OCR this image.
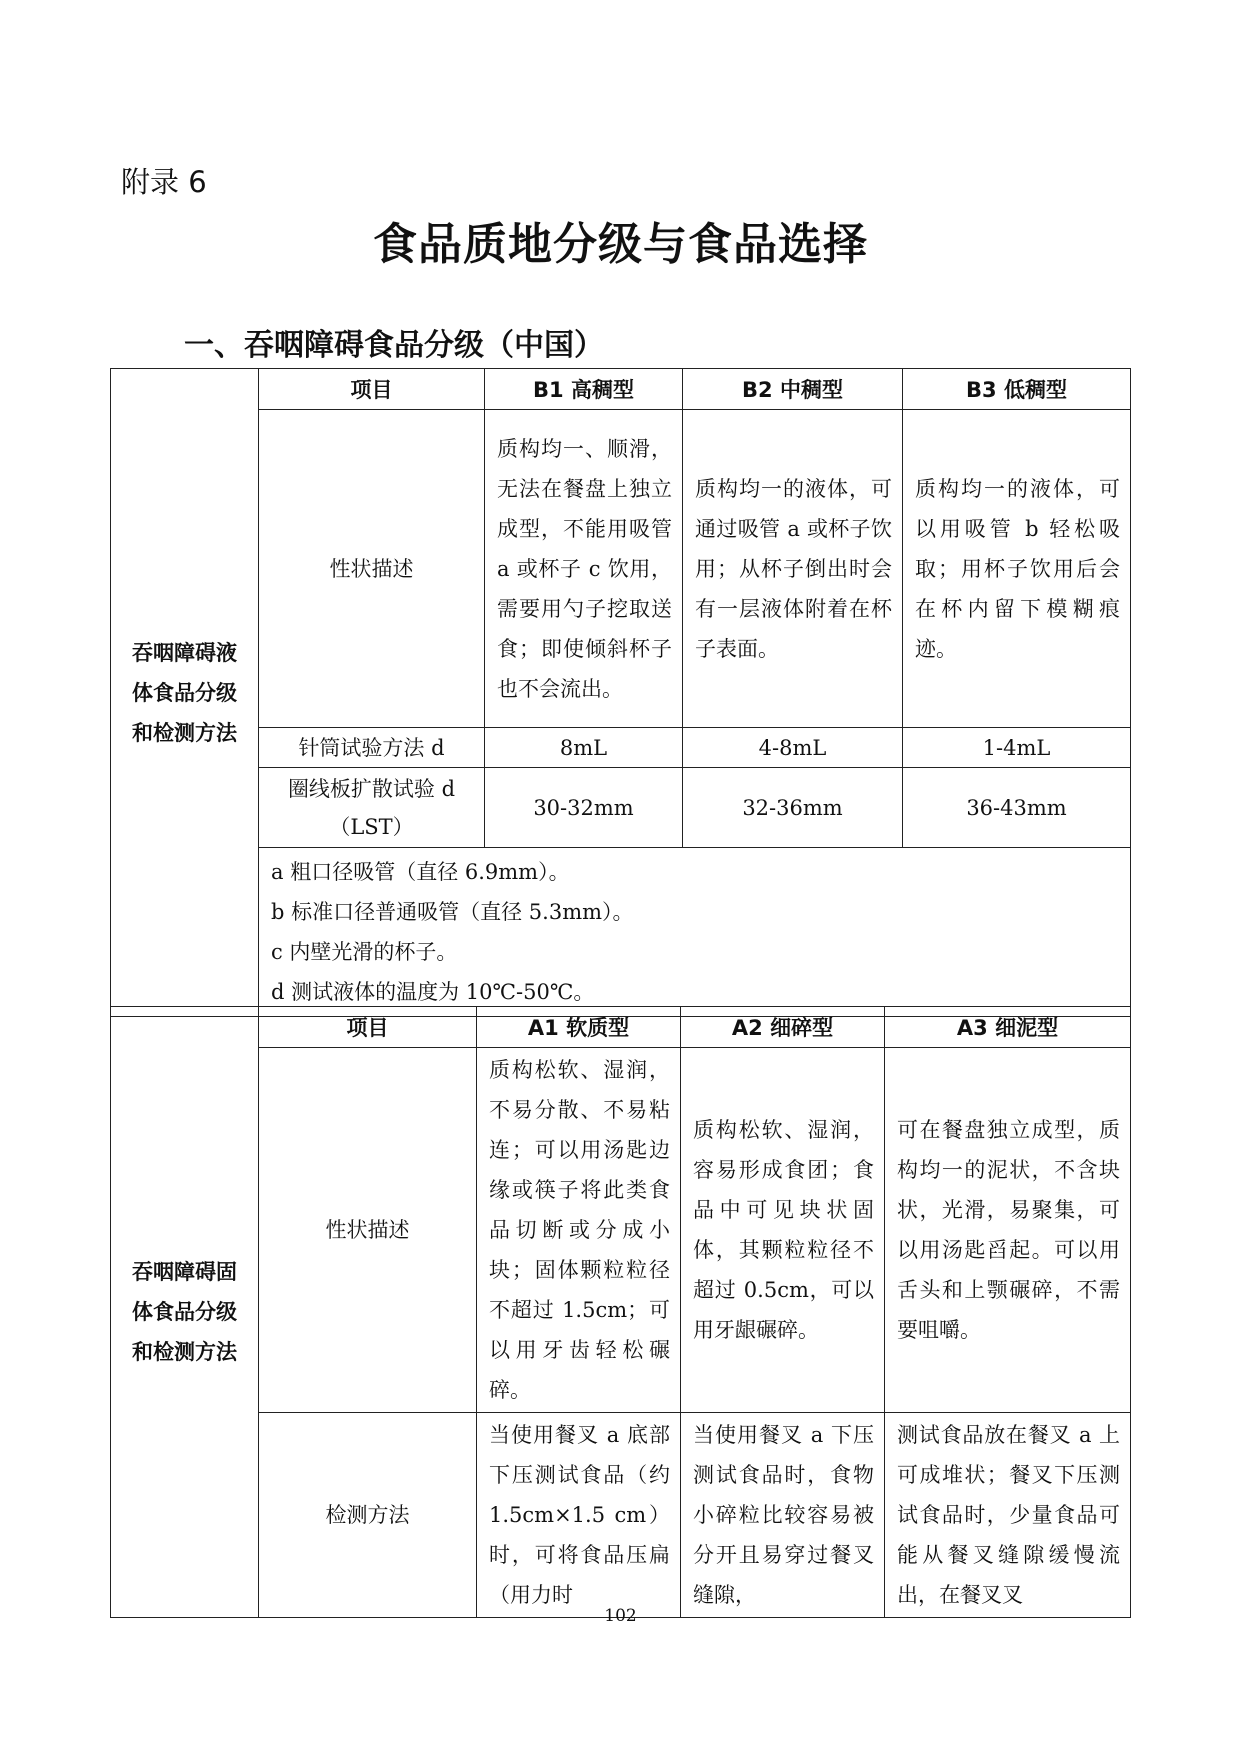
附录 6
食品质地分级与食品选择
一、吞咽障碍食品分级（中国）
吞咽障碍液体食品分级和检测方法	项目	B1 高稠型	B2 中稠型	B3 低稠型
	性状描述	质构均一、顺滑，无法在餐盘上独立成型，不能用吸管 a 或杯子 c 饮用，需要用勺子挖取送食；即使倾斜杯子也不会流出。	质构均一的液体，可通过吸管 a 或杯子饮用；从杯子倒出时会有一层液体附着在杯子表面。	质构均一的液体，可以用吸管 b 轻松吸取；用杯子饮用后会在杯内留下模糊痕迹。
	针筒试验方法 d	8mL	4-8mL	1-4mL
	圈线板扩散试验 d（LST）	30-32mm	32-36mm	36-43mm

	a 粗口径吸管（直径 6.9mm）。
b 标准口径普通吸管（直径 5.3mm）。
c 内壁光滑的杯子。
d 测试液体的温度为 10℃-50℃。			
吞咽障碍固体食品分级和检测方法	项目	A1 软质型	A2 细碎型	A3 细泥型
	性状描述	质构松软、湿润，不易分散、不易粘连；可以用汤匙边缘或筷子将此类食品切断或分成小块；固体颗粒粒径不超过 1.5cm；可以用牙齿轻松碾碎。	质构松软、湿润，容易形成食团；食品中可见块状固体，其颗粒粒径不超过 0.5cm，可以用牙龈碾碎。	可在餐盘独立成型，质构均一的泥状，不含块状，光滑，易聚集，可以用汤匙舀起。可以用舌头和上颚碾碎，不需要咀嚼。
	检测方法	当使用餐叉 a 底部下压测试食品（约 1.5cm×1.5 cm）时，可将食品压扁（用力时	当使用餐叉 a 下压测试食品时，食物小碎粒比较容易被分开且易穿过餐叉缝隙，	测试食品放在餐叉 a 上可成堆状；餐叉下压测试食品时，少量食品可能从餐叉缝隙缓慢流出，在餐叉叉
102
